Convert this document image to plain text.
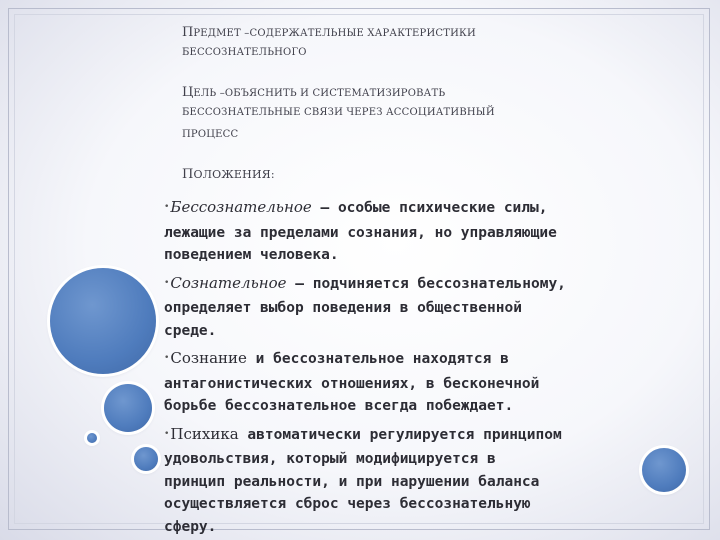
ПРЕДМЕТ –СОДЕРЖАТЕЛЬНЫЕ ХАРАКТЕРИСТИКИ
БЕССОЗНАТЕЛЬНОГО
ЦЕЛЬ –ОБЪЯСНИТЬ И СИСТЕМАТИЗИРОВАТЬ
БЕССОЗНАТЕЛЬНЫЕ СВЯЗИ ЧЕРЕЗ АССОЦИАТИВНЫЙ
ПРОЦЕСС
ПОЛОЖЕНИЯ:

•Бессознательное — особые психические силы,
лежащие за пределами сознания, но управляющие
поведением человека.

•Сознательное — подчиняется бессознательному,
определяет выбор поведения в общественной
среде.

•Сознание и бессознательное находятся в
антагонистических отношениях, в бесконечной
борьбе бессознательное всегда побеждает.

•Психика автоматически регулируется принципом
удовольствия, который модифицируется в
принцип реальности, и при нарушении баланса
осуществляется сброс через бессознательную
сферу.
